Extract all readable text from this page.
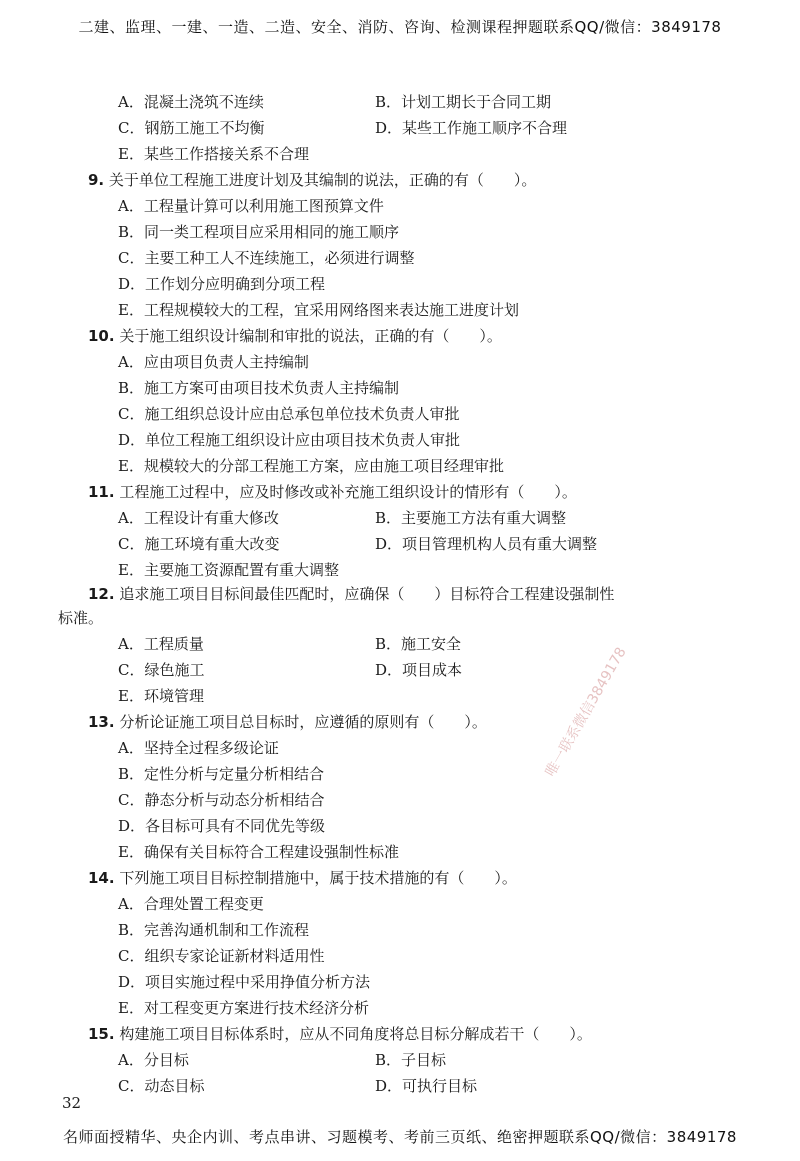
二建、监理、一建、一造、二造、安全、消防、咨询、检测课程押题联系QQ/微信：3849178
A．混凝土浇筑不连续	B．计划工期长于合同工期
C．钢筋工施工不均衡	D．某些工作施工顺序不合理
E．某些工作搭接关系不合理
9. 关于单位工程施工进度计划及其编制的说法，正确的有（　　）。
A．工程量计算可以利用施工图预算文件
B．同一类工程项目应采用相同的施工顺序
C．主要工种工人不连续施工，必须进行调整
D．工作划分应明确到分项工程
E．工程规模较大的工程，宜采用网络图来表达施工进度计划
10. 关于施工组织设计编制和审批的说法，正确的有（　　）。
A．应由项目负责人主持编制
B．施工方案可由项目技术负责人主持编制
C．施工组织总设计应由总承包单位技术负责人审批
D．单位工程施工组织设计应由项目技术负责人审批
E．规模较大的分部工程施工方案，应由施工项目经理审批
11. 工程施工过程中，应及时修改或补充施工组织设计的情形有（　　）。
A．工程设计有重大修改	B．主要施工方法有重大调整
C．施工环境有重大改变	D．项目管理机构人员有重大调整
E．主要施工资源配置有重大调整
12. 追求施工项目目标间最佳匹配时，应确保（　　）目标符合工程建设强制性
标准。
A．工程质量	B．施工安全
C．绿色施工	D．项目成本
E．环境管理
13. 分析论证施工项目总目标时，应遵循的原则有（　　）。
A．坚持全过程多级论证
B．定性分析与定量分析相结合
C．静态分析与动态分析相结合
D．各目标可具有不同优先等级
E．确保有关目标符合工程建设强制性标准
14. 下列施工项目目标控制措施中，属于技术措施的有（　　）。
A．合理处置工程变更
B．完善沟通机制和工作流程
C．组织专家论证新材料适用性
D．项目实施过程中采用挣值分析方法
E．对工程变更方案进行技术经济分析
15. 构建施工项目目标体系时，应从不同角度将总目标分解成若干（　　）。
A．分目标	B．子目标
C．动态目标	D．可执行目标
唯一联系微信3849178
32
名师面授精华、央企内训、考点串讲、习题模考、考前三页纸、绝密押题联系QQ/微信：3849178
